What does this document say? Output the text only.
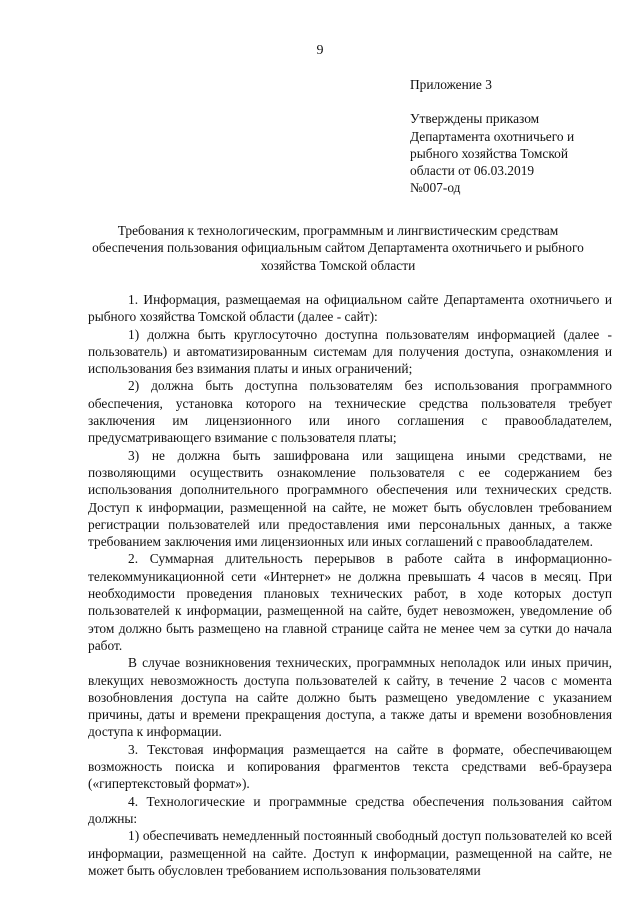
9
Приложение 3
Утверждены приказом
Департамента охотничьего и
рыбного хозяйства Томской
области от 06.03.2019
№007-од
Требования к технологическим, программным и лингвистическим средствам
обеспечения пользования официальным сайтом Департамента охотничьего и рыбного
хозяйства Томской области

1. Информация, размещаемая на официальном сайте Департамента охотничьего и рыбного хозяйства Томской области (далее - сайт):

1) должна быть круглосуточно доступна пользователям информацией (далее - пользователь) и автоматизированным системам для получения доступа, ознакомления и использования без взимания платы и иных ограничений;

2) должна быть доступна пользователям без использования программного обеспечения, установка которого на технические средства пользователя требует заключения им лицензионного или иного соглашения с правообладателем, предусматривающего взимание с пользователя платы;

3) не должна быть зашифрована или защищена иными средствами, не позволяющими осуществить ознакомление пользователя с ее содержанием без использования дополнительного программного обеспечения или технических средств. Доступ к информации, размещенной на сайте, не может быть обусловлен требованием регистрации пользователей или предоставления ими персональных данных, а также требованием заключения ими лицензионных или иных соглашений с правообладателем.

2. Суммарная длительность перерывов в работе сайта в информационно-телекоммуникационной сети «Интернет» не должна превышать 4 часов в месяц. При необходимости проведения плановых технических работ, в ходе которых доступ пользователей к информации, размещенной на сайте, будет невозможен, уведомление об этом должно быть размещено на главной странице сайта не менее чем за сутки до начала работ.

В случае возникновения технических, программных неполадок или иных причин, влекущих невозможность доступа пользователей к сайту, в течение 2 часов с момента возобновления доступа на сайте должно быть размещено уведомление с указанием причины, даты и времени прекращения доступа, а также даты и времени возобновления доступа к информации.

3. Текстовая информация размещается на сайте в формате, обеспечивающем возможность поиска и копирования фрагментов текста средствами веб-браузера («гипертекстовый формат»).

4. Технологические и программные средства обеспечения пользования сайтом должны:

1) обеспечивать немедленный постоянный свободный доступ пользователей ко всей информации, размещенной на сайте. Доступ к информации, размещенной на сайте, не может быть обусловлен требованием использования пользователями
